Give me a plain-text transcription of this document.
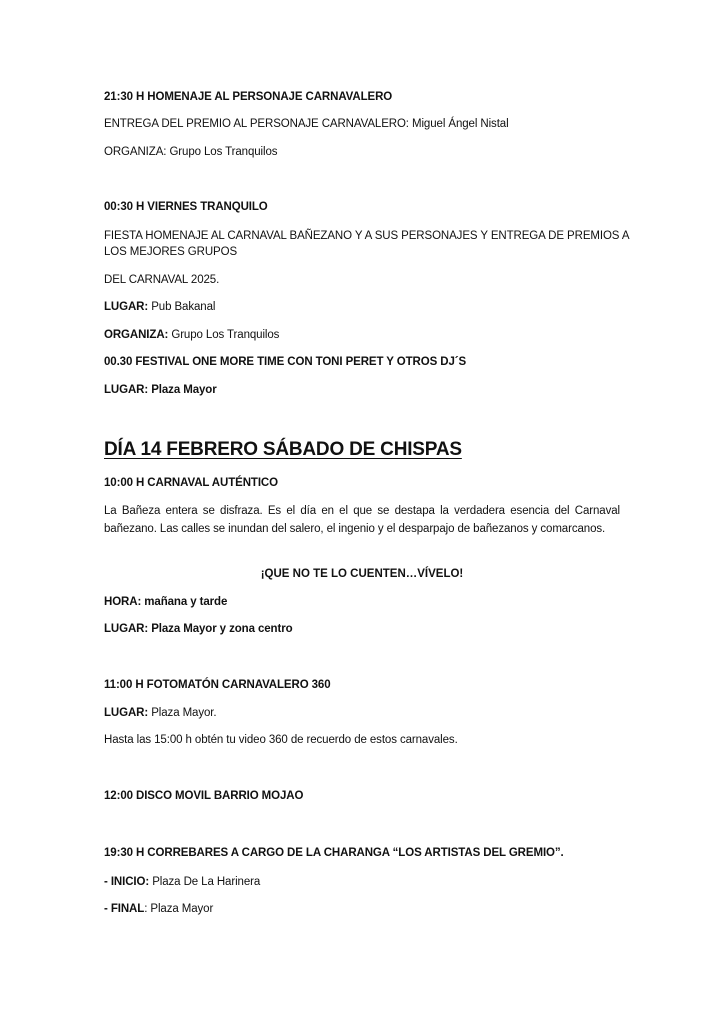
21:30 H HOMENAJE AL PERSONAJE CARNAVALERO
ENTREGA DEL PREMIO AL PERSONAJE CARNAVALERO: Miguel Ángel Nistal
ORGANIZA: Grupo Los Tranquilos
00:30 H VIERNES TRANQUILO
FIESTA HOMENAJE AL CARNAVAL BAÑEZANO Y A SUS PERSONAJES Y ENTREGA DE PREMIOS A
LOS MEJORES GRUPOS
DEL CARNAVAL 2025.
LUGAR: Pub Bakanal
ORGANIZA: Grupo Los Tranquilos
00.30 FESTIVAL ONE MORE TIME CON TONI PERET Y OTROS DJ´S
LUGAR: Plaza Mayor
DÍA 14 FEBRERO SÁBADO DE CHISPAS
10:00 H CARNAVAL AUTÉNTICO
La Bañeza entera se disfraza. Es el día en el que se destapa la verdadera esencia del Carnaval bañezano. Las calles se inundan del salero, el ingenio y el desparpajo de bañezanos y comarcanos.
¡QUE NO TE LO CUENTEN…VÍVELO!
HORA: mañana y tarde
LUGAR: Plaza Mayor y zona centro
11:00 H FOTOMATÓN CARNAVALERO 360
LUGAR: Plaza Mayor.
Hasta las 15:00 h obtén tu video 360 de recuerdo de estos carnavales.
12:00 DISCO MOVIL BARRIO MOJAO
19:30 H CORREBARES A CARGO DE LA CHARANGA “LOS ARTISTAS DEL GREMIO”.
- INICIO: Plaza De La Harinera
- FINAL: Plaza Mayor
